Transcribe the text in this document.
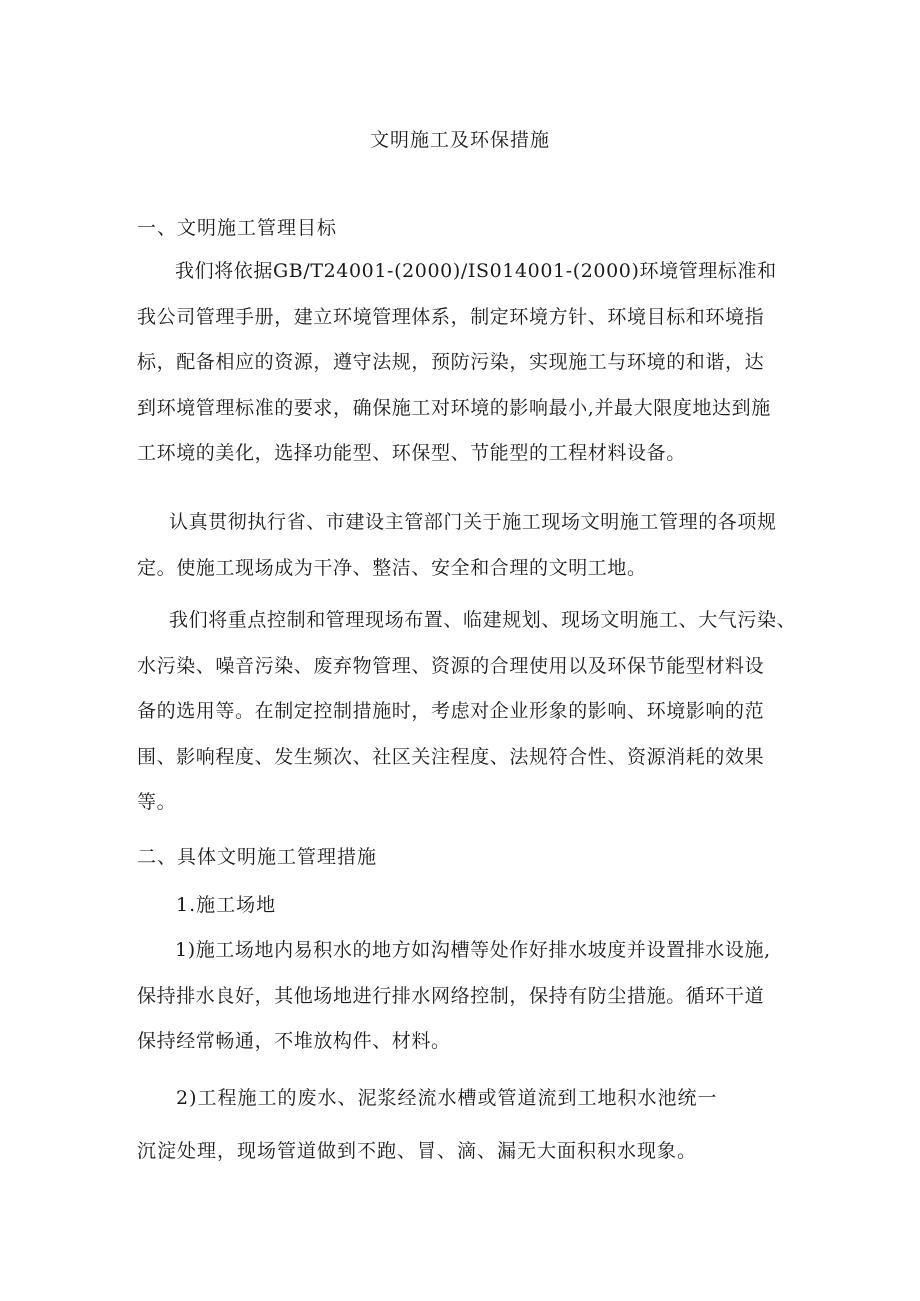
文明施工及环保措施
一、文明施工管理目标
我们将依据GB/T24001-(2000)/IS014001-(2000)环境管理标准和
我公司管理手册，建立环境管理体系，制定环境方针、环境目标和环境指
标，配备相应的资源，遵守法规，预防污染，实现施工与环境的和谐，达
到环境管理标准的要求，确保施工对环境的影响最小,并最大限度地达到施
工环境的美化，选择功能型、环保型、节能型的工程材料设备。
认真贯彻执行省、市建设主管部门关于施工现场文明施工管理的各项规
定。使施工现场成为干净、整洁、安全和合理的文明工地。
我们将重点控制和管理现场布置、临建规划、现场文明施工、大气污染、
水污染、噪音污染、废弃物管理、资源的合理使用以及环保节能型材料设
备的选用等。在制定控制措施时，考虑对企业形象的影响、环境影响的范
围、影响程度、发生频次、社区关注程度、法规符合性、资源消耗的效果
等。
二、具体文明施工管理措施
1.施工场地
1)施工场地内易积水的地方如沟槽等处作好排水坡度并设置排水设施,
保持排水良好，其他场地进行排水网络控制，保持有防尘措施。循环干道
保持经常畅通，不堆放构件、材料。
2)工程施工的废水、泥浆经流水槽或管道流到工地积水池统一
沉淀处理，现场管道做到不跑、冒、滴、漏无大面积积水现象。
